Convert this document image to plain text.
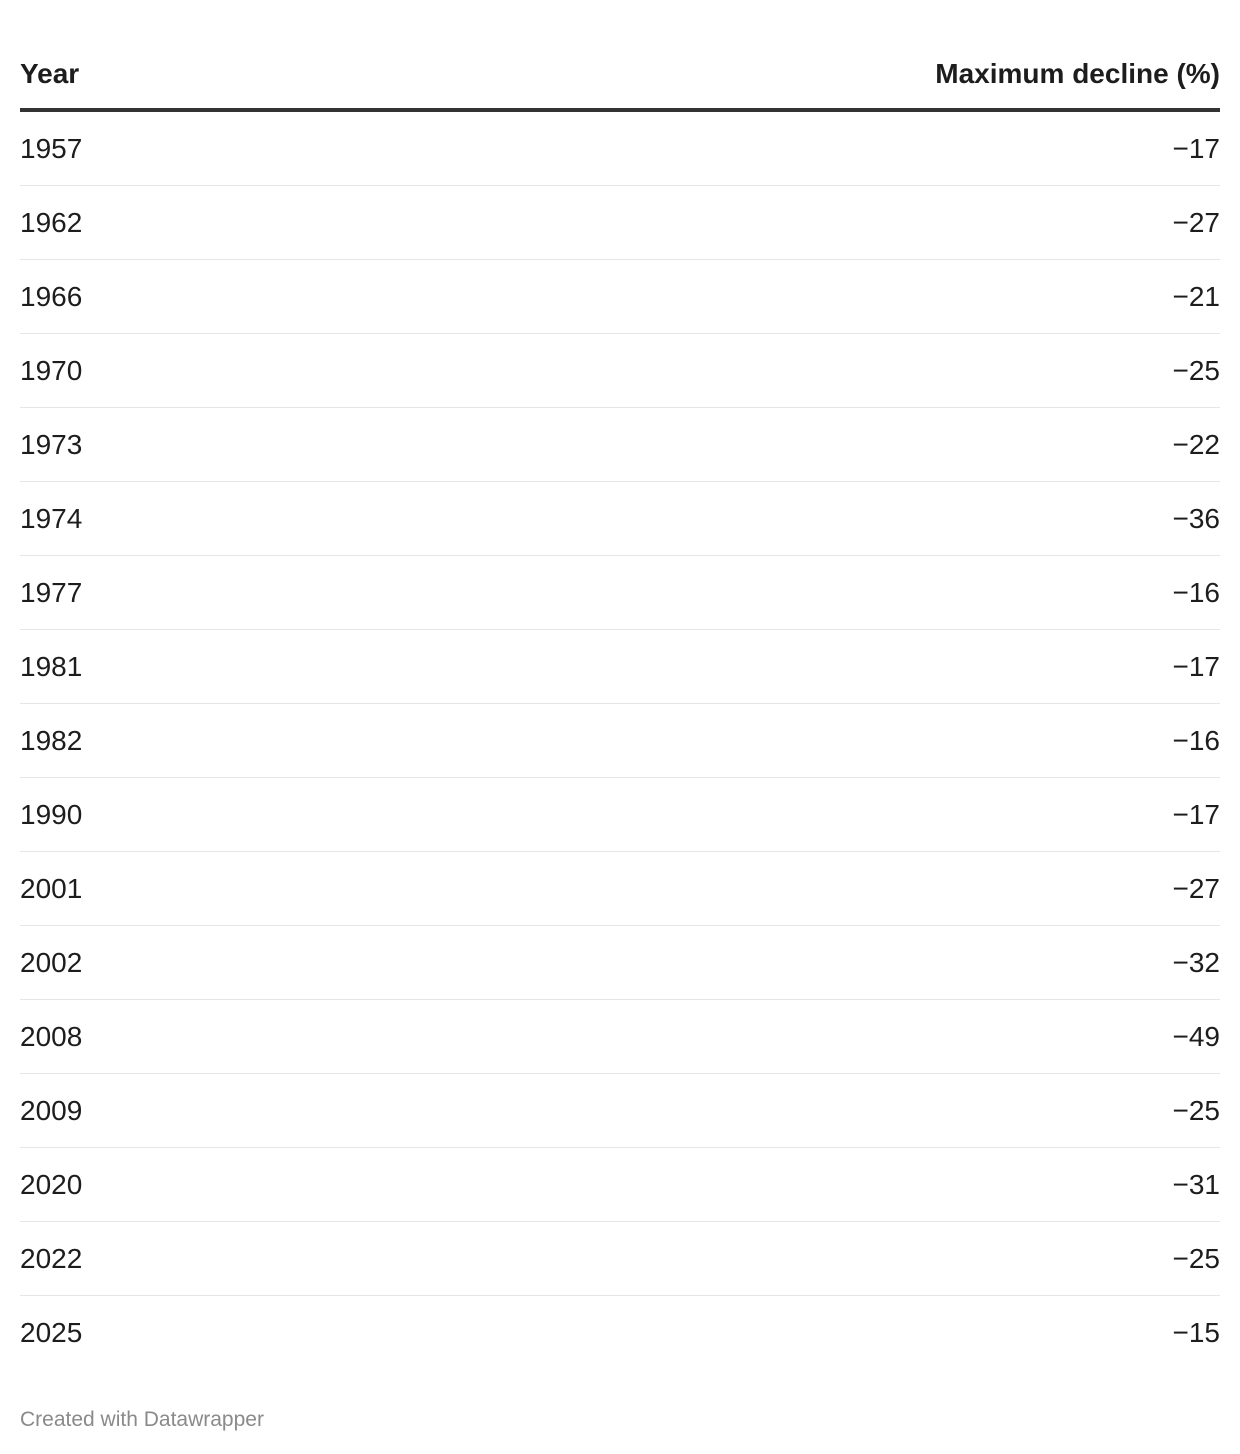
Year	Maximum decline (%)
1957	−17
1962	−27
1966	−21
1970	−25
1973	−22
1974	−36
1977	−16
1981	−17
1982	−16
1990	−17
2001	−27
2002	−32
2008	−49
2009	−25
2020	−31
2022	−25
2025	−15
Created with Datawrapper
